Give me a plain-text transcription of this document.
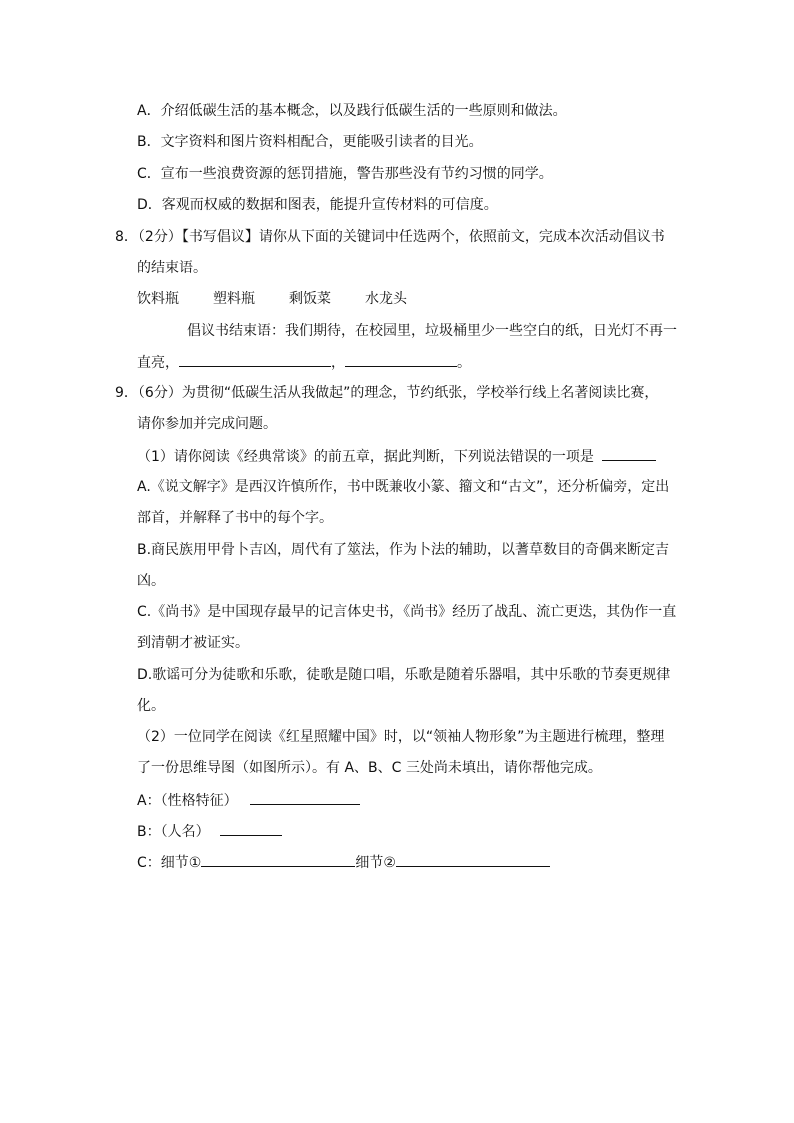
A．介绍低碳生活的基本概念，以及践行低碳生活的一些原则和做法。
B．文字资料和图片资料相配合，更能吸引读者的目光。
C．宣布一些浪费资源的惩罚措施，警告那些没有节约习惯的同学。
D．客观而权威的数据和图表，能提升宣传材料的可信度。
8．（2分）【书写倡议】请你从下面的关键词中任选两个，依照前文，完成本次活动倡议书
的结束语。
饮料瓶 塑料瓶 剩饭菜 水龙头
倡议书结束语：我们期待，在校园里，垃圾桶里少一些空白的纸，日光灯不再一
直亮，	，	。
9．（6分）为贯彻“低碳生活从我做起”的理念，节约纸张，学校举行线上名著阅读比赛，
请你参加并完成问题。
（1）请你阅读《经典常谈》的前五章，据此判断，下列说法错误的一项是
A.《说文解字》是西汉许慎所作，书中既兼收小篆、籀文和“古文”，还分析偏旁，定出
部首，并解释了书中的每个字。
B.商民族用甲骨卜吉凶，周代有了筮法，作为卜法的辅助，以蓍草数目的奇偶来断定吉
凶。
C.《尚书》是中国现存最早的记言体史书，《尚书》经历了战乱、流亡更迭，其伪作一直
到清朝才被证实。
D.歌谣可分为徒歌和乐歌，徒歌是随口唱，乐歌是随着乐器唱，其中乐歌的节奏更规律
化。
（2）一位同学在阅读《红星照耀中国》时，以“领袖人物形象”为主题进行梳理，整理
了一份思维导图（如图所示）。有 A、B、C 三处尚未填出，请你帮他完成。
A：（性格特征）
B：（人名）
C：细节①	细节②
